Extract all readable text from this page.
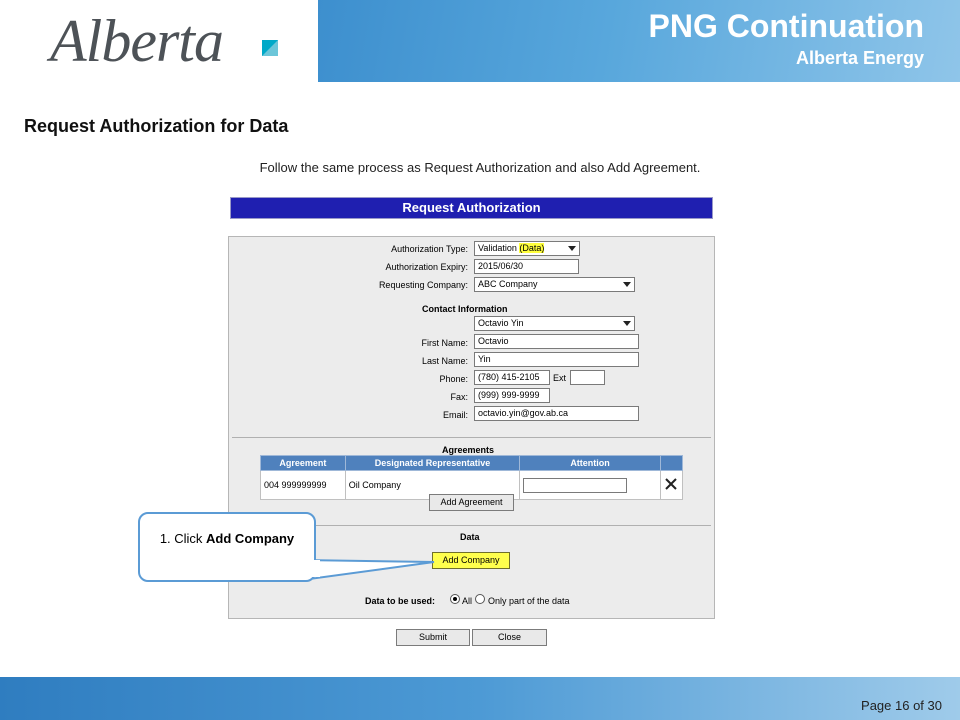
Alberta	PNG Continuation
Alberta Energy
Request Authorization for Data
Follow the same process as Request Authorization and also Add Agreement.
Request Authorization
Authorization Type:	Validation (Data)
Authorization Expiry:	2015/06/30
Requesting Company:	ABC Company
Contact Information
Octavio Yin
First Name:	Octavio
Last Name:	Yin
Phone:	(780) 415-2105	Ext
Fax:	(999) 999-9999
Email:	octavio.yin@gov.ab.ca
Agreements
Agreement	Designated Representative	Attention	
004 999999999	Oil Company	

Add Agreement
Data
Add Company
Data to be used:	All Only part of the data
Submit	Close
1. Click Add Company
Page 16 of 30
